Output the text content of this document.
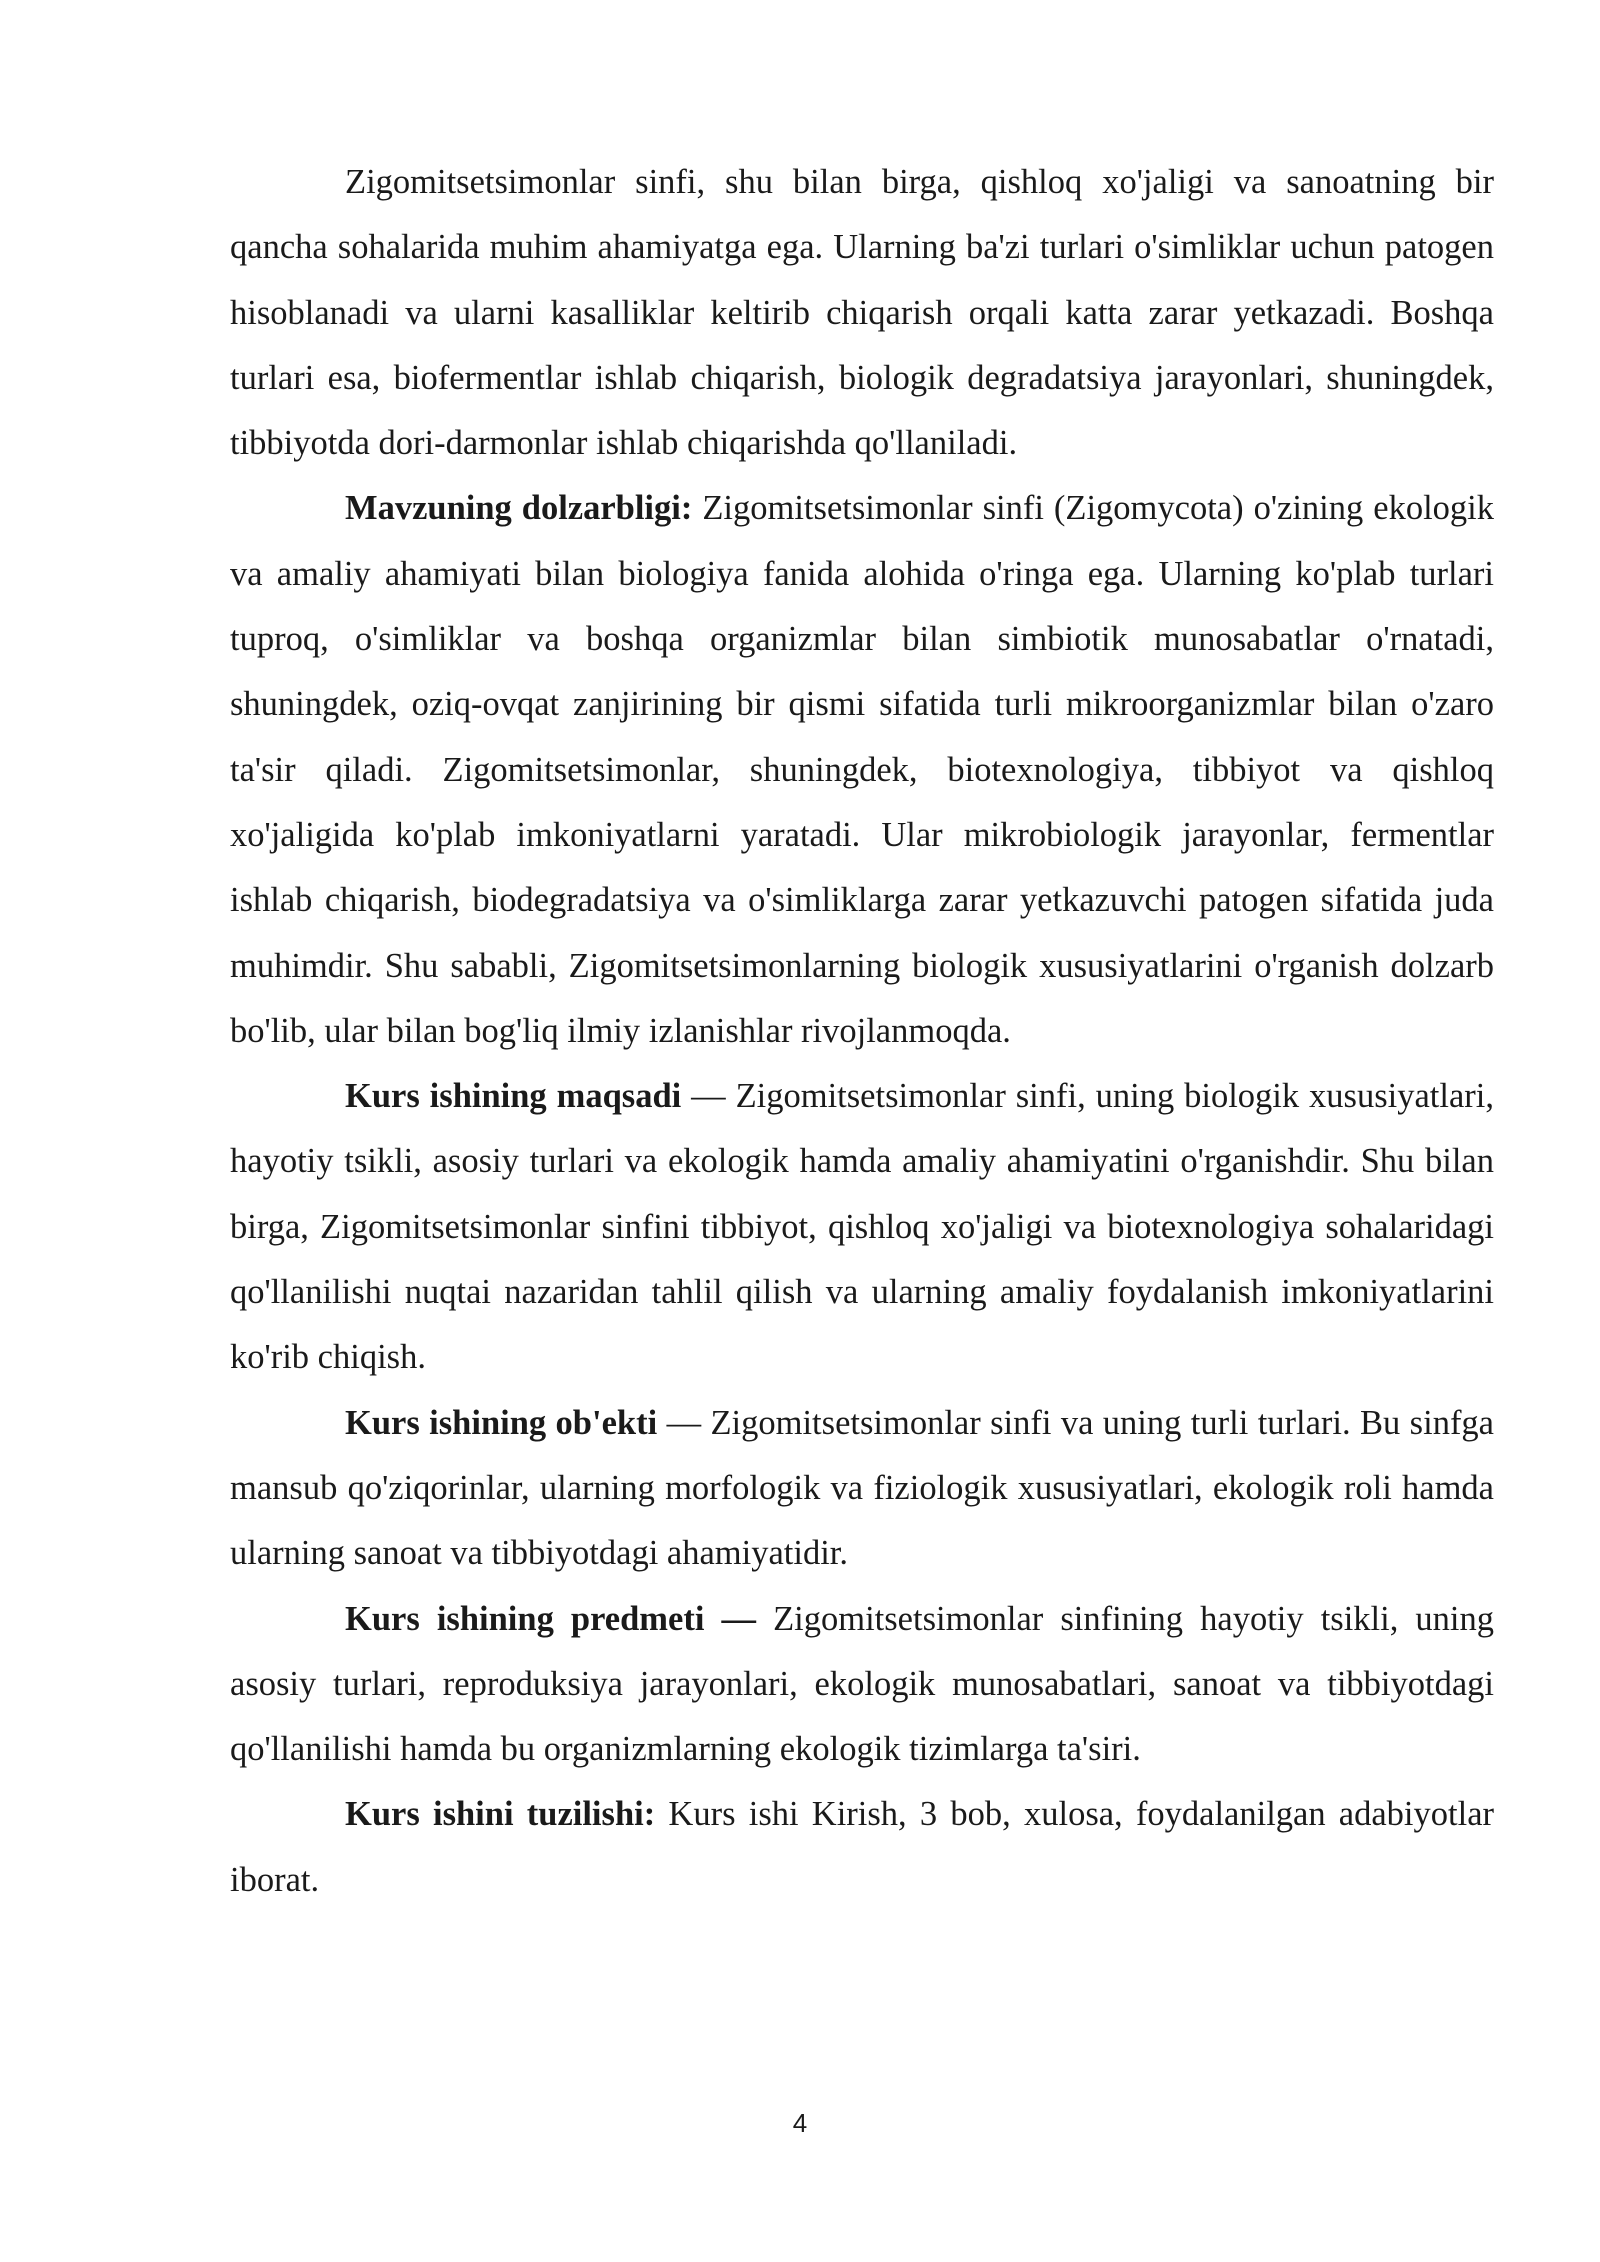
Zigomitsetsimonlar sinfi, shu bilan birga, qishloq xo'jaligi va sanoatning bir qancha sohalarida muhim ahamiyatga ega. Ularning ba'zi turlari o'simliklar uchun patogen hisoblanadi va ularni kasalliklar keltirib chiqarish orqali katta zarar yetkazadi. Boshqa turlari esa, biofermentlar ishlab chiqarish, biologik degradatsiya jarayonlari, shuningdek, tibbiyotda dori-darmonlar ishlab chiqarishda qo'llaniladi.

Mavzuning dolzarbligi: Zigomitsetsimonlar sinfi (Zigomycota) o'zining ekologik va amaliy ahamiyati bilan biologiya fanida alohida o'ringa ega. Ularning ko'plab turlari tuproq, o'simliklar va boshqa organizmlar bilan simbiotik munosabatlar o'rnatadi, shuningdek, oziq-ovqat zanjirining bir qismi sifatida turli mikroorganizmlar bilan o'zaro ta'sir qiladi. Zigomitsetsimonlar, shuningdek, biotexnologiya, tibbiyot va qishloq xo'jaligida ko'plab imkoniyatlarni yaratadi. Ular mikrobiologik jarayonlar, fermentlar ishlab chiqarish, biodegradatsiya va o'simliklarga zarar yetkazuvchi patogen sifatida juda muhimdir. Shu sababli, Zigomitsetsimonlarning biologik xususiyatlarini o'rganish dolzarb bo'lib, ular bilan bog'liq ilmiy izlanishlar rivojlanmoqda.

Kurs ishining maqsadi — Zigomitsetsimonlar sinfi, uning biologik xususiyatlari, hayotiy tsikli, asosiy turlari va ekologik hamda amaliy ahamiyatini o'rganishdir. Shu bilan birga, Zigomitsetsimonlar sinfini tibbiyot, qishloq xo'jaligi va biotexnologiya sohalaridagi qo'llanilishi nuqtai nazaridan tahlil qilish va ularning amaliy foydalanish imkoniyatlarini ko'rib chiqish.

Kurs ishining ob'ekti — Zigomitsetsimonlar sinfi va uning turli turlari. Bu sinfga mansub qo'ziqorinlar, ularning morfologik va fiziologik xususiyatlari, ekologik roli hamda ularning sanoat va tibbiyotdagi ahamiyatidir.

Kurs ishining predmeti — Zigomitsetsimonlar sinfining hayotiy tsikli, uning asosiy turlari, reproduksiya jarayonlari, ekologik munosabatlari, sanoat va tibbiyotdagi qo'llanilishi hamda bu organizmlarning ekologik tizimlarga ta'siri.

Kurs ishini tuzilishi: Kurs ishi Kirish, 3 bob, xulosa, foydalanilgan adabiyotlar iborat.

4
